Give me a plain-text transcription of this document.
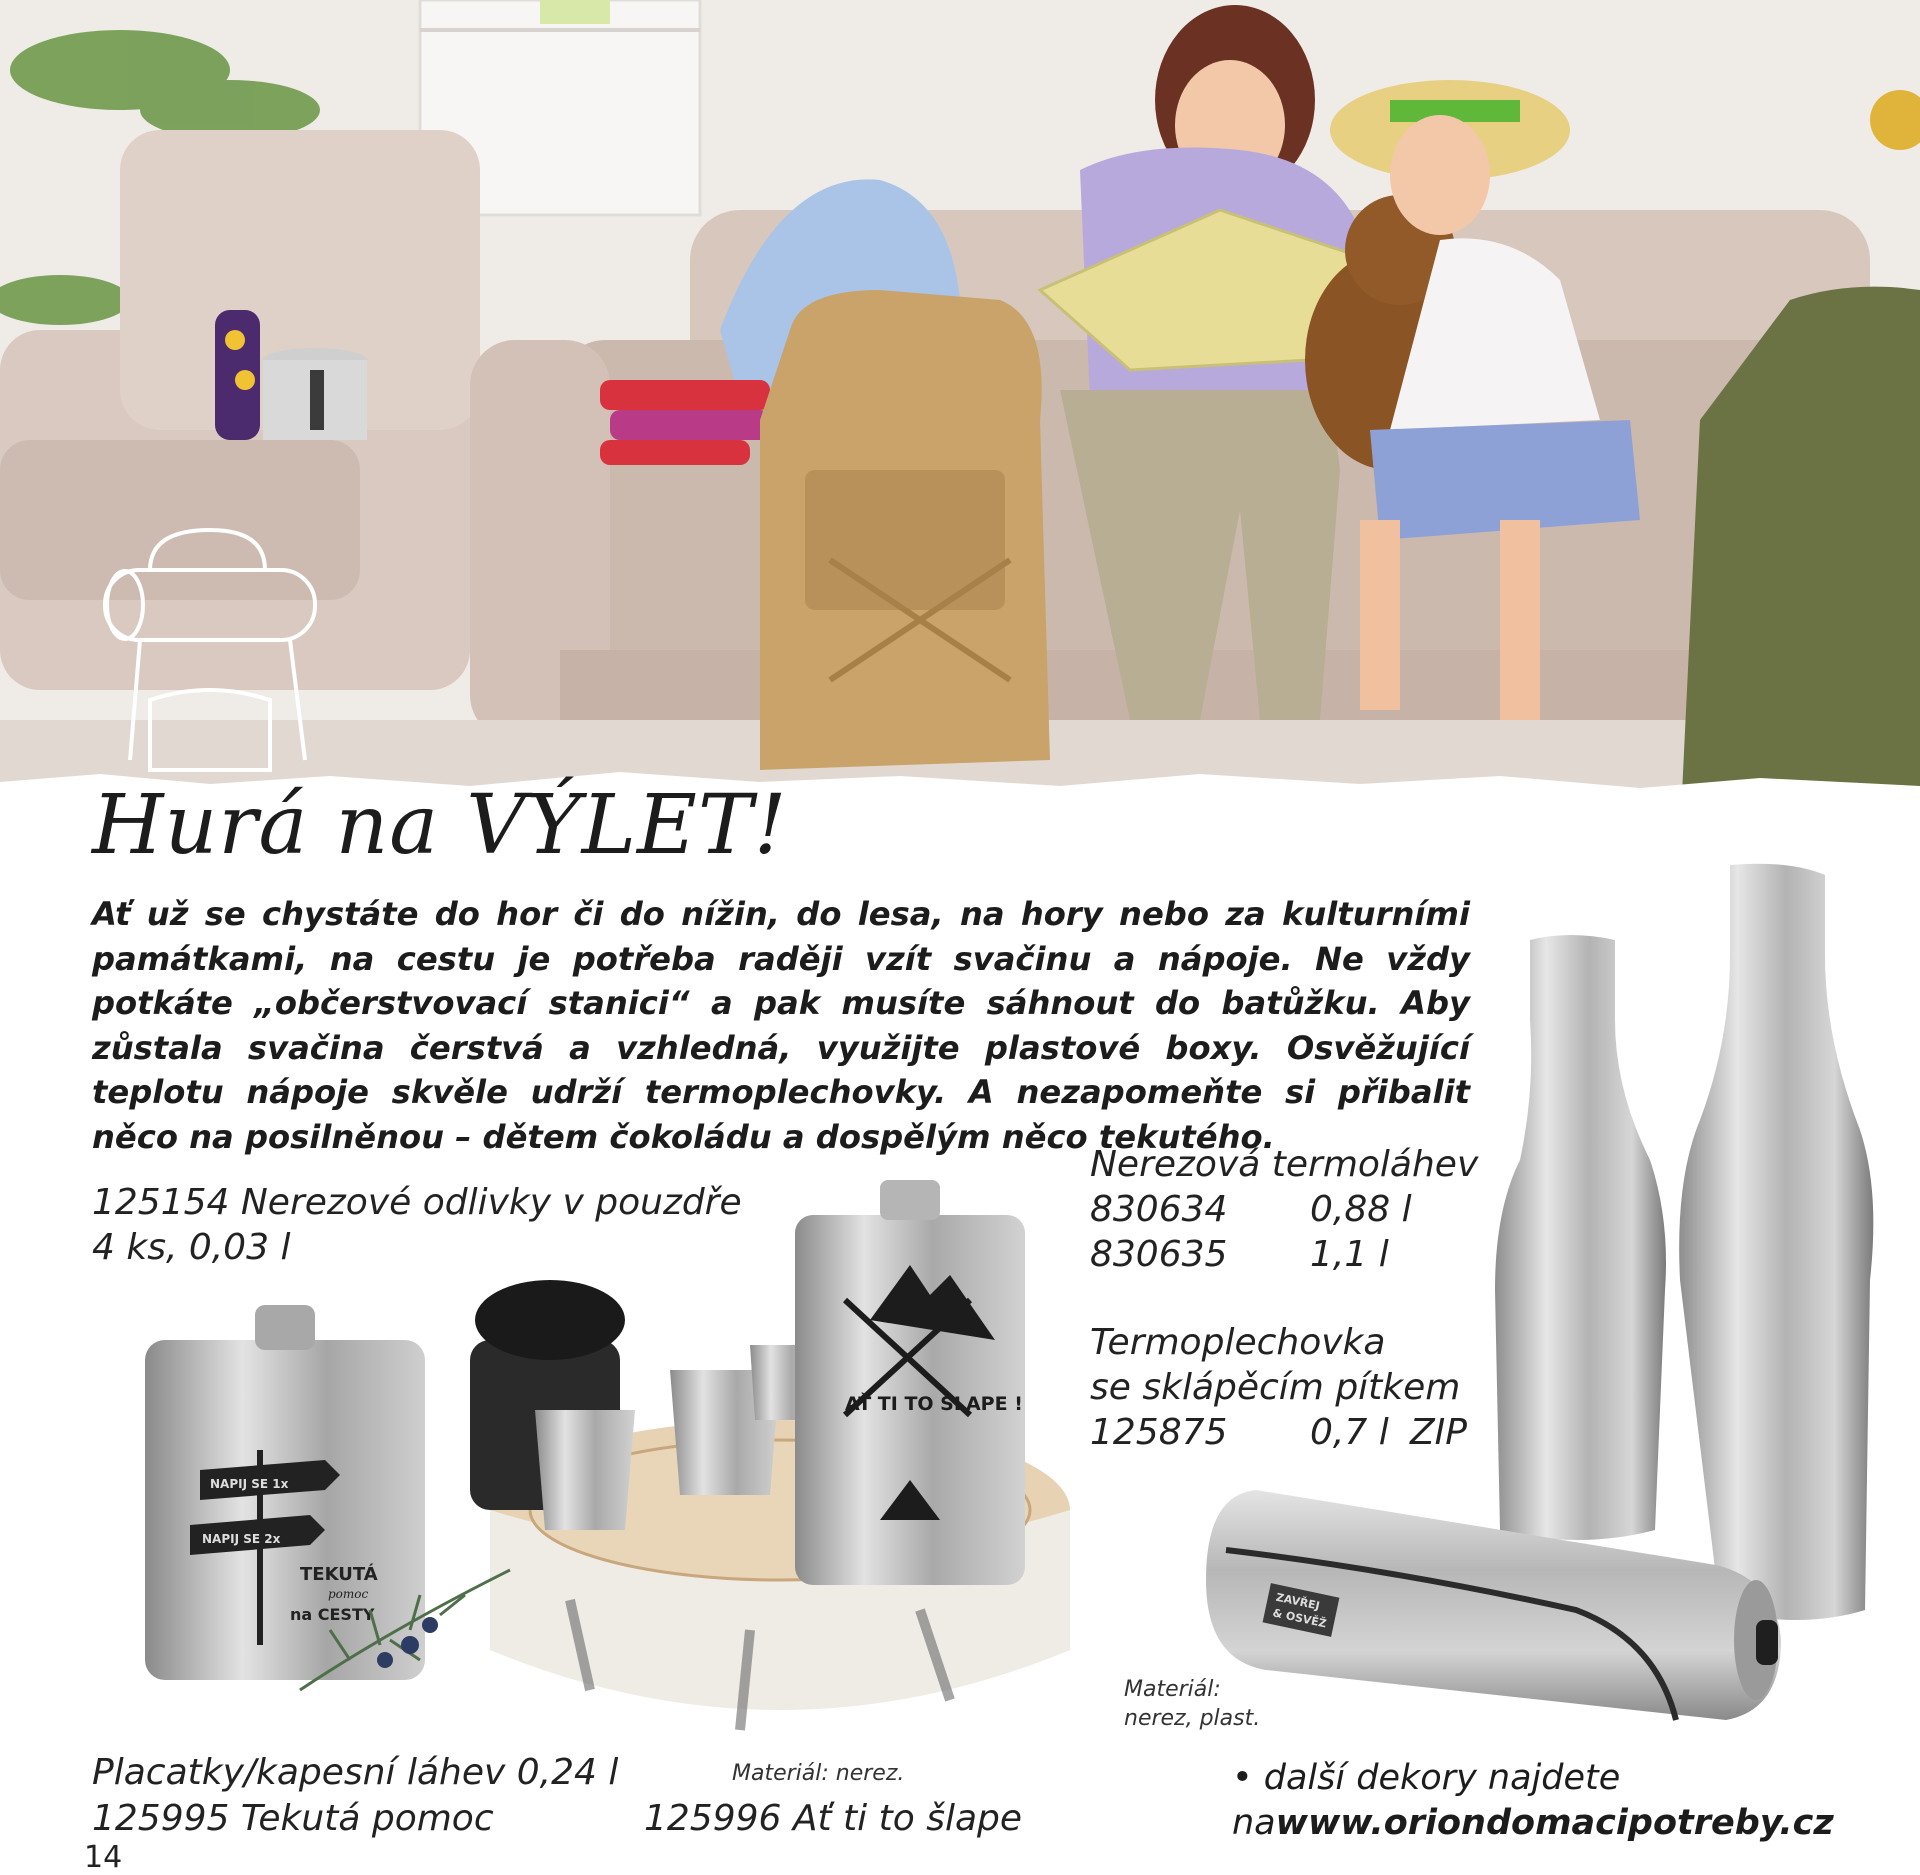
Hurá na VÝLET!

Ať už se chystáte do hor či do nížin, do lesa, na hory nebo za kulturními památkami, na cestu je potřeba raději vzít svačinu a nápoje. Ne vždy potkáte „občerstvovací stanici“ a pak musíte sáhnout do batůžku. Aby zůstala svačina čerstvá a vzhledná, využijte plastové boxy. Osvěžující teplotu nápoje skvěle udrží termoplechovky. A nezapomeňte si přibalit něco na posilněnou – dětem čokoládu a dospělým něco tekutého.

125154 Nerezové odlivky v pouzdře
4 ks, 0,03 l
Nerezová termoláhev
830634 0,88 l
830635 1,1 l
Termoplechovka
se sklápěcím pítkem
125875 0,7 l ZIP
Materiál:
nerez, plast.
Placatky/kapesní láhev 0,24 l	Materiál: nerez.
125995 Tekutá pomoc	125996 Ať ti to šlape
14
• další dekory najdete
nawww.oriondomacipotreby.cz
ZAVŘEJ
& OSVĚŽ
AŤ TI TO ŠLAPE !
NAPIJ SE 1x
NAPIJ SE 2x
TEKUTÁ
pomoc
na CESTY
